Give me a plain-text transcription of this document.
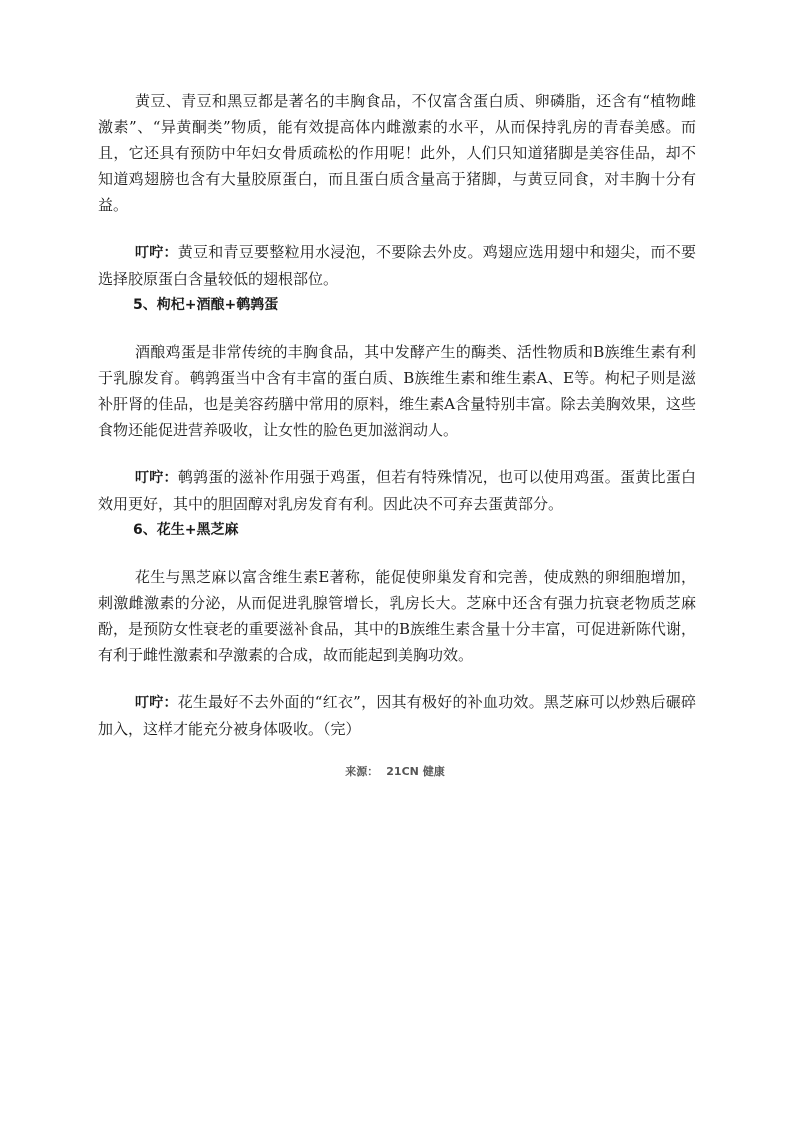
黄豆、青豆和黑豆都是著名的丰胸食品，不仅富含蛋白质、卵磷脂，还含有“植物雌激素”、“异黄酮类”物质，能有效提高体内雌激素的水平，从而保持乳房的青春美感。而且，它还具有预防中年妇女骨质疏松的作用呢！此外，人们只知道猪脚是美容佳品，却不知道鸡翅膀也含有大量胶原蛋白，而且蛋白质含量高于猪脚，与黄豆同食，对丰胸十分有益。

叮咛：黄豆和青豆要整粒用水浸泡，不要除去外皮。鸡翅应选用翅中和翅尖，而不要选择胶原蛋白含量较低的翅根部位。

5、枸杞+酒酿+鹌鹑蛋

酒酿鸡蛋是非常传统的丰胸食品，其中发酵产生的酶类、活性物质和B族维生素有利于乳腺发育。鹌鹑蛋当中含有丰富的蛋白质、B族维生素和维生素A、E等。枸杞子则是滋补肝肾的佳品，也是美容药膳中常用的原料，维生素A含量特别丰富。除去美胸效果，这些食物还能促进营养吸收，让女性的脸色更加滋润动人。

叮咛：鹌鹑蛋的滋补作用强于鸡蛋，但若有特殊情况，也可以使用鸡蛋。蛋黄比蛋白效用更好，其中的胆固醇对乳房发育有利。因此决不可弃去蛋黄部分。

6、花生+黑芝麻

花生与黑芝麻以富含维生素E著称，能促使卵巢发育和完善，使成熟的卵细胞增加，刺激雌激素的分泌，从而促进乳腺管增长，乳房长大。芝麻中还含有强力抗衰老物质芝麻酚，是预防女性衰老的重要滋补食品，其中的B族维生素含量十分丰富，可促进新陈代谢，有利于雌性激素和孕激素的合成，故而能起到美胸功效。

叮咛：花生最好不去外面的“红衣”，因其有极好的补血功效。黑芝麻可以炒熟后碾碎加入，这样才能充分被身体吸收。（完）

来源： 21CN 健康
